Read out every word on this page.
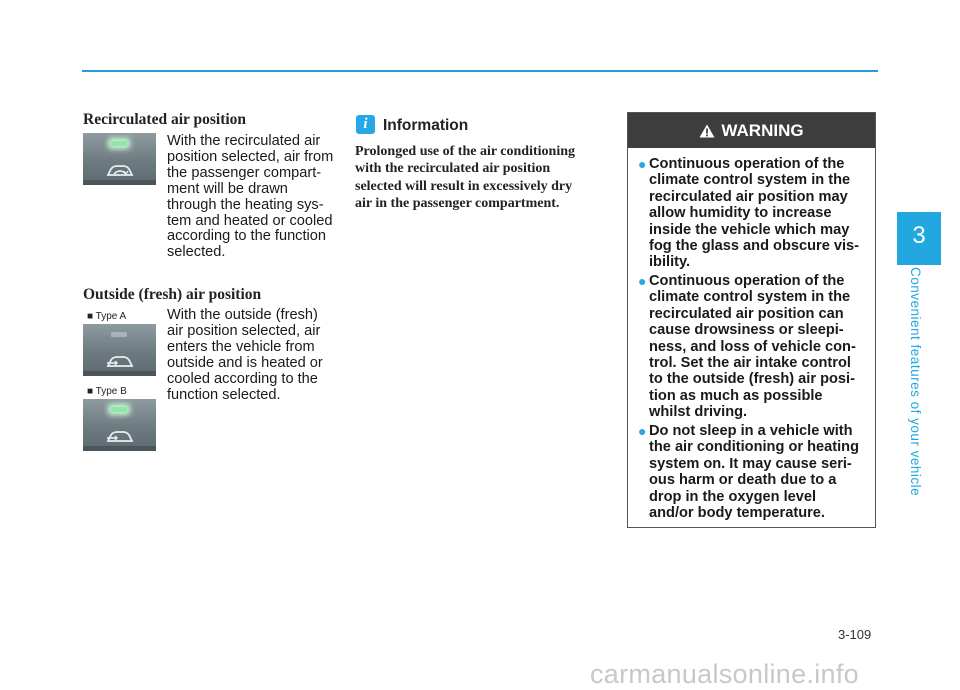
3
Convenient features of your vehicle
Recirculated air position
With the recirculated air
position selected, air from
the passenger compart-
ment will be drawn
through the heating sys-
tem and heated or cooled
according to the function
selected.
Outside (fresh) air position
■ Type A
■ Type B
With the outside (fresh)
air position selected, air
enters the vehicle from
outside and is heated or
cooled according to the
function selected.
i Information
Prolonged use of the air conditioning
with the recirculated air position
selected will result in excessively dry
air in the passenger compartment.
WARNING
● Continuous operation of the
climate control system in the
recirculated air position may
allow humidity to increase
inside the vehicle which may
fog the glass and obscure vis-
ibility.
● Continuous operation of the
climate control system in the
recirculated air position can
cause drowsiness or sleepi-
ness, and loss of vehicle con-
trol. Set the air intake control
to the outside (fresh) air posi-
tion as much as possible
whilst driving.
● Do not sleep in a vehicle with
the air conditioning or heating
system on. It may cause seri-
ous harm or death due to a
drop in the oxygen level
and/or body temperature.
3-109
carmanualsonline.info
